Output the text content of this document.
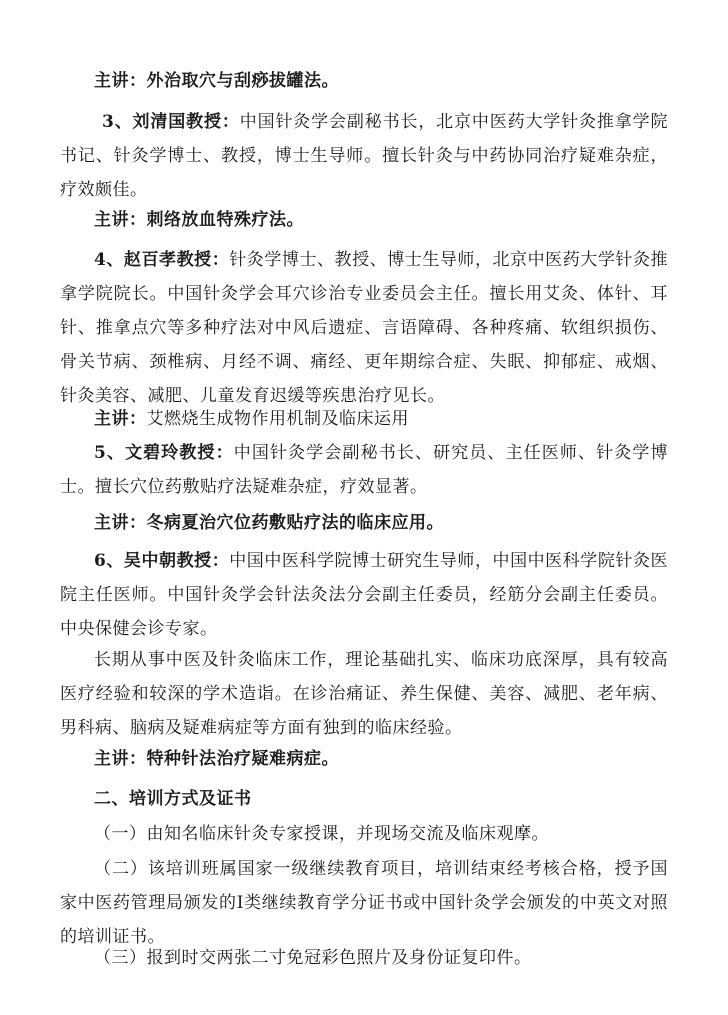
主讲：外治取穴与刮痧拔罐法。

3、刘清国教授：中国针灸学会副秘书长，北京中医药大学针灸推拿学院书记、针灸学博士、教授，博士生导师。擅长针灸与中药协同治疗疑难杂症，疗效颇佳。

主讲：刺络放血特殊疗法。

4、赵百孝教授：针灸学博士、教授、博士生导师，北京中医药大学针灸推拿学院院长。中国针灸学会耳穴诊治专业委员会主任。擅长用艾灸、体针、耳针、推拿点穴等多种疗法对中风后遗症、言语障碍、各种疼痛、软组织损伤、骨关节病、颈椎病、月经不调、痛经、更年期综合症、失眠、抑郁症、戒烟、针灸美容、减肥、儿童发育迟缓等疾患治疗见长。

主讲：艾燃烧生成物作用机制及临床运用

5、文碧玲教授：中国针灸学会副秘书长、研究员、主任医师、针灸学博士。擅长穴位药敷贴疗法疑难杂症，疗效显著。

主讲：冬病夏治穴位药敷贴疗法的临床应用。

6、吴中朝教授：中国中医科学院博士研究生导师，中国中医科学院针灸医院主任医师。中国针灸学会针法灸法分会副主任委员，经筋分会副主任委员。中央保健会诊专家。

长期从事中医及针灸临床工作，理论基础扎实、临床功底深厚，具有较高医疗经验和较深的学术造诣。在诊治痛证、养生保健、美容、减肥、老年病、男科病、脑病及疑难病症等方面有独到的临床经验。

主讲：特种针法治疗疑难病症。

二、培训方式及证书

（一）由知名临床针灸专家授课，并现场交流及临床观摩。

（二）该培训班属国家一级继续教育项目，培训结束经考核合格，授予国家中医药管理局颁发的Ⅰ类继续教育学分证书或中国针灸学会颁发的中英文对照的培训证书。

（三）报到时交两张二寸免冠彩色照片及身份证复印件。
